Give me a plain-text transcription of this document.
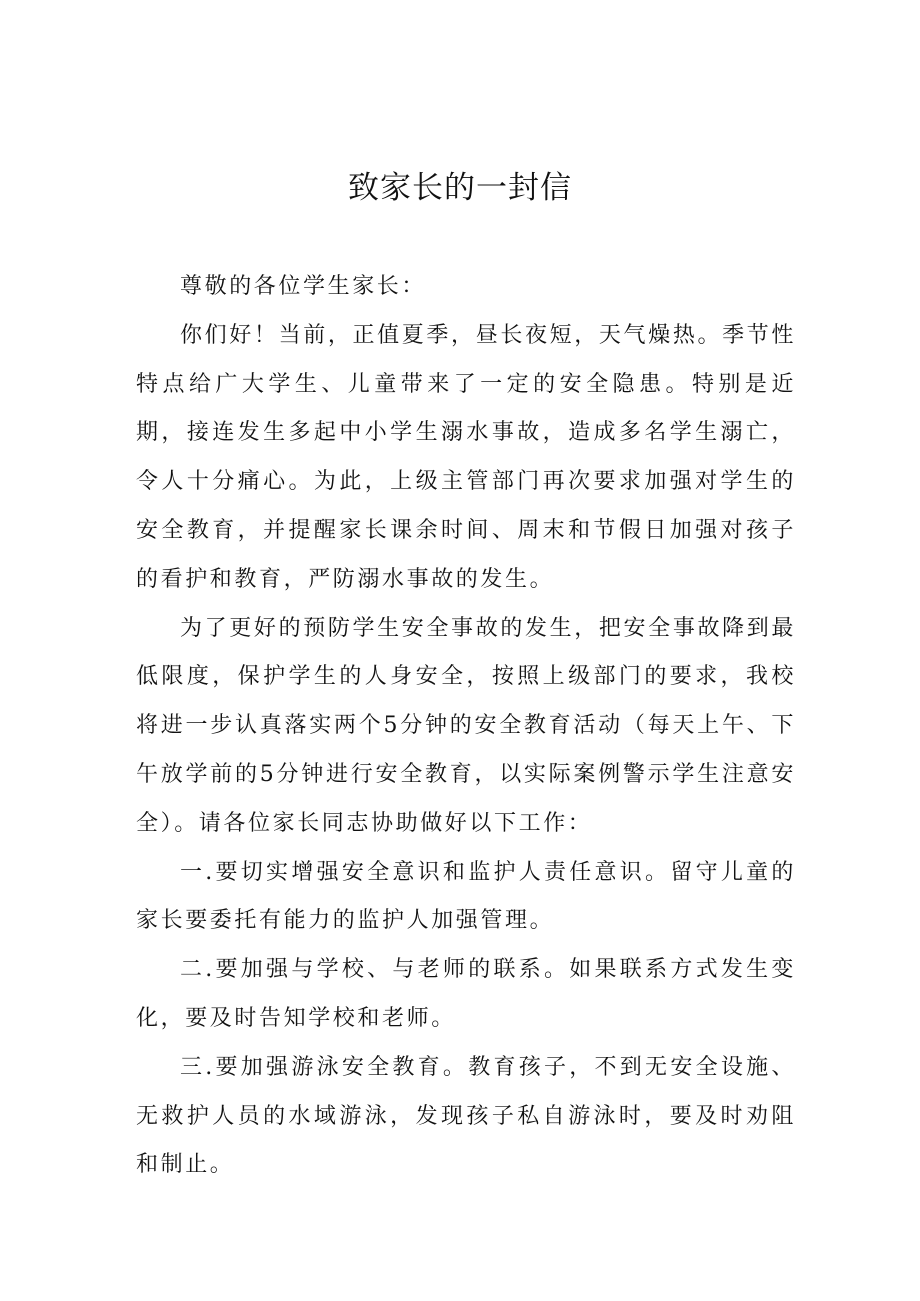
致家长的一封信

尊敬的各位学生家长：

你们好！当前，正值夏季，昼长夜短，天气燥热。季节性特点给广大学生、儿童带来了一定的安全隐患。特别是近期，接连发生多起中小学生溺水事故，造成多名学生溺亡，令人十分痛心。为此，上级主管部门再次要求加强对学生的安全教育，并提醒家长课余时间、周末和节假日加强对孩子的看护和教育，严防溺水事故的发生。

为了更好的预防学生安全事故的发生，把安全事故降到最低限度，保护学生的人身安全，按照上级部门的要求，我校将进一步认真落实两个5分钟的安全教育活动（每天上午、下午放学前的5分钟进行安全教育，以实际案例警示学生注意安全）。请各位家长同志协助做好以下工作：

一.要切实增强安全意识和监护人责任意识。留守儿童的家长要委托有能力的监护人加强管理。

二.要加强与学校、与老师的联系。如果联系方式发生变化，要及时告知学校和老师。

三.要加强游泳安全教育。教育孩子，不到无安全设施、无救护人员的水域游泳，发现孩子私自游泳时，要及时劝阻和制止。
